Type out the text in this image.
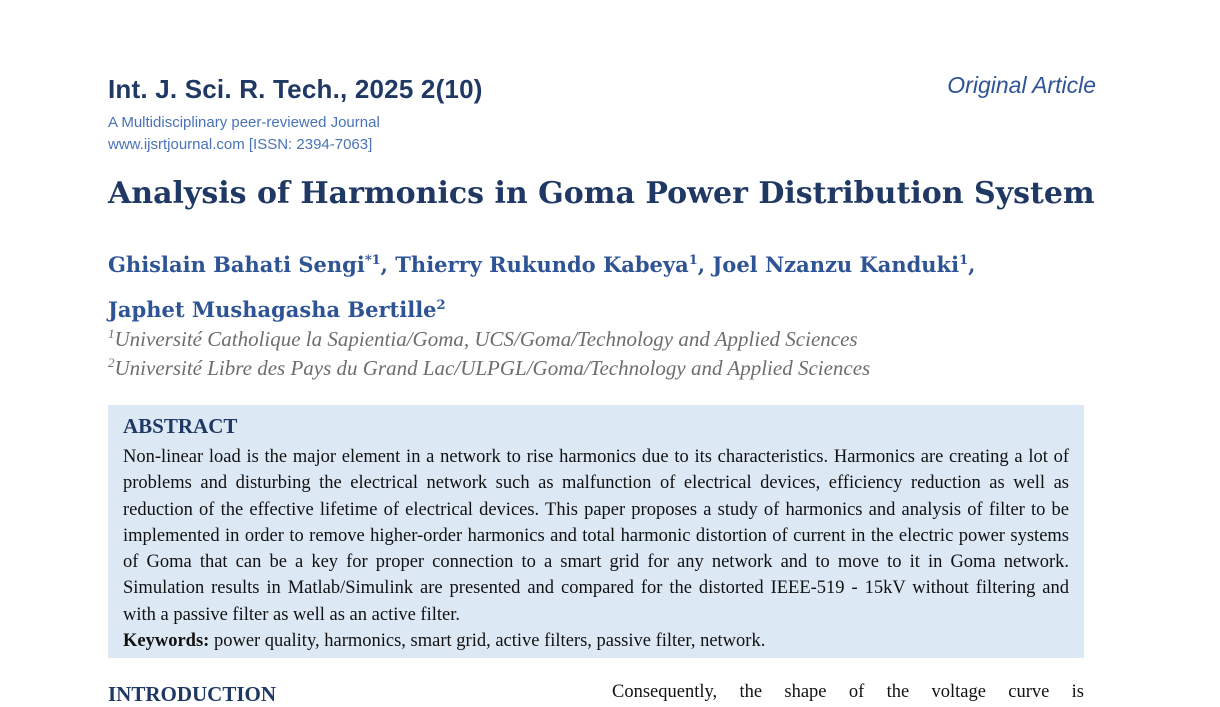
Int. J. Sci. R. Tech., 2025 2(10)	Original Article
A Multidisciplinary peer-reviewed Journal
www.ijsrtjournal.com [ISSN: 2394-7063]
Analysis of Harmonics in Goma Power Distribution System
Ghislain Bahati Sengi$^{*1}$, Thierry Rukundo Kabeya$^1$, Joel Nzanzu Kanduki$^1$,
Japhet Mushagasha Bertille$^2$
$^1$Université Catholique la Sapientia/Goma, UCS/Goma/Technology and Applied Sciences
$^2$Université Libre des Pays du Grand Lac/ULPGL/Goma/Technology and Applied Sciences
ABSTRACT

Non-linear load is the major element in a network to rise harmonics due to its characteristics. Harmonics are creating a lot of problems and disturbing the electrical network such as malfunction of electrical devices, efficiency reduction as well as reduction of the effective lifetime of electrical devices. This paper proposes a study of harmonics and analysis of filter to be implemented in order to remove higher-order harmonics and total harmonic distortion of current in the electric power systems of Goma that can be a key for proper connection to a smart grid for any network and to move to it in Goma network. Simulation results in Matlab/Simulink are presented and compared for the distorted IEEE-519 - 15kV without filtering and with a passive filter as well as an active filter.

Keywords: power quality, harmonics, smart grid, active filters, passive filter, network.

INTRODUCTION	Consequently, the shape of the voltage curve is
